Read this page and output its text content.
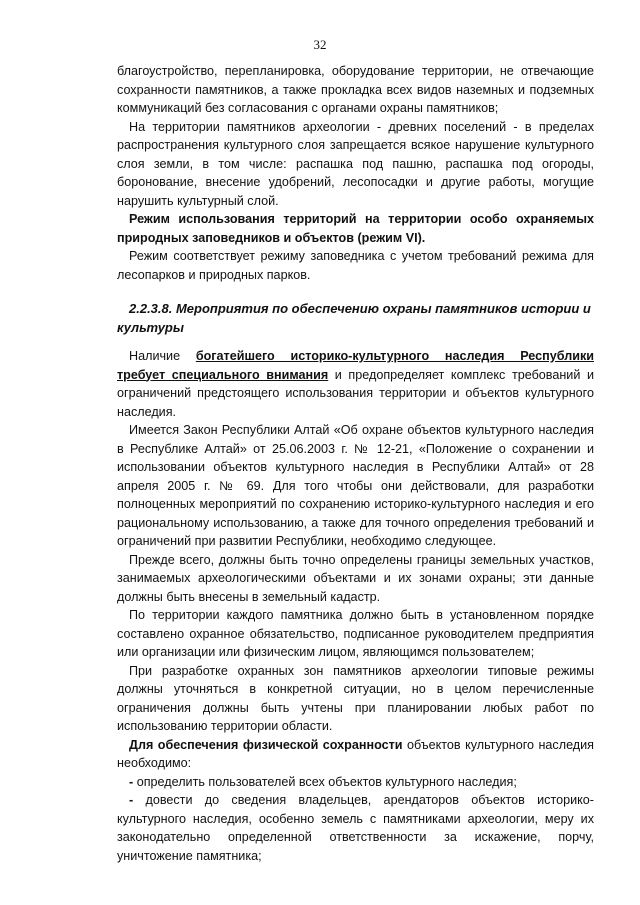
32

благоустройство, перепланировка, оборудование территории, не отвечающие сохранности памятников, а также прокладка всех видов наземных и подземных коммуникаций без согласования с органами охраны памятников;

На территории памятников археологии - древних поселений - в пределах распространения культурного слоя запрещается всякое нарушение культурного слоя земли, в том числе: распашка под пашню, распашка под огороды, боронование, внесение удобрений, лесопосадки и другие работы, могущие нарушить культурный слой.

Режим использования территорий на территории особо охраняемых природных заповедников и объектов (режим VI).

Режим соответствует режиму заповедника с учетом требований режима для лесопарков и природных парков.

2.2.3.8. Мероприятия по обеспечению охраны памятников истории и культуры

Наличие богатейшего историко-культурного наследия Республики требует специального внимания и предопределяет комплекс требований и ограничений предстоящего использования территории и объектов культурного наследия.

Имеется Закон Республики Алтай «Об охране объектов культурного наследия в Республике Алтай» от 25.06.2003 г. № 12-21, «Положение о сохранении и использовании объектов культурного наследия в Республики Алтай» от 28 апреля 2005 г. № 69. Для того чтобы они действовали, для разработки полноценных мероприятий по сохранению историко-культурного наследия и его рациональному использованию, а также для точного определения требований и ограничений при развитии Республики, необходимо следующее.

Прежде всего, должны быть точно определены границы земельных участков, занимаемых археологическими объектами и их зонами охраны; эти данные должны быть внесены в земельный кадастр.

По территории каждого памятника должно быть в установленном порядке составлено охранное обязательство, подписанное руководителем предприятия или организации или физическим лицом, являющимся пользователем;

При разработке охранных зон памятников археологии типовые режимы должны уточняться в конкретной ситуации, но в целом перечисленные ограничения должны быть учтены при планировании любых работ по использованию территории области.

Для обеспечения физической сохранности объектов культурного наследия необходимо:

- определить пользователей всех объектов культурного наследия;

- довести до сведения владельцев, арендаторов объектов историко-культурного наследия, особенно земель с памятниками археологии, меру их законодательно определенной ответственности за искажение, порчу, уничтожение памятника;
